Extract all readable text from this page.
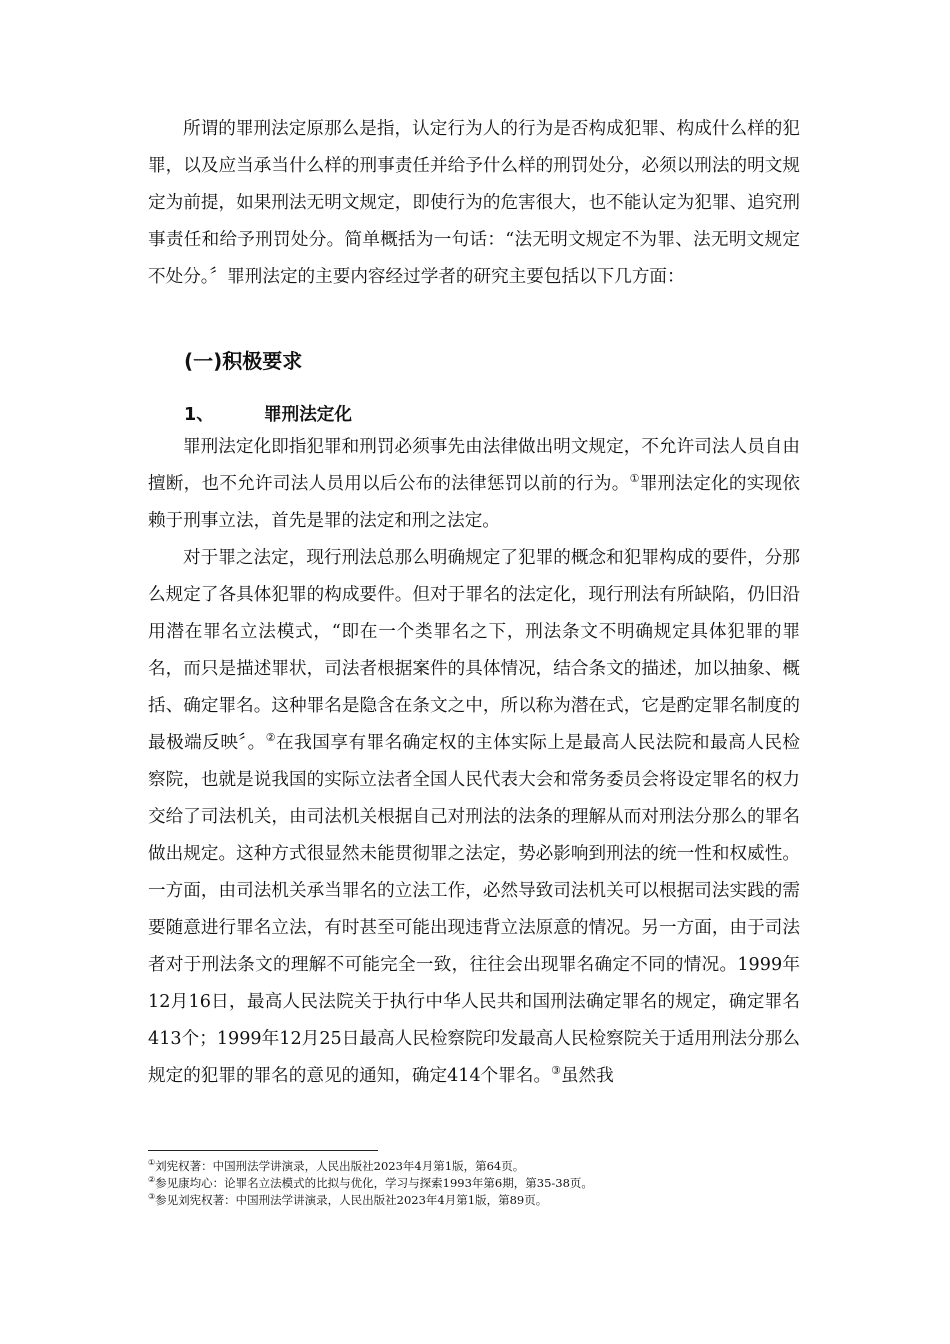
所谓的罪刑法定原那么是指，认定行为人的行为是否构成犯罪、构成什么样的犯罪，以及应当承当什么样的刑事责任并给予什么样的刑罚处分，必须以刑法的明文规定为前提，如果刑法无明文规定，即使行为的危害很大，也不能认定为犯罪、追究刑事责任和给予刑罚处分。简单概括为一句话：“法无明文规定不为罪、法无明文规定不处分。〞罪刑法定的主要内容经过学者的研究主要包括以下几方面：

(一)积极要求
1、	罪刑法定化

罪刑法定化即指犯罪和刑罚必须事先由法律做出明文规定，不允许司法人员自由擅断，也不允许司法人员用以后公布的法律惩罚以前的行为。①罪刑法定化的实现依赖于刑事立法，首先是罪的法定和刑之法定。

对于罪之法定，现行刑法总那么明确规定了犯罪的概念和犯罪构成的要件，分那么规定了各具体犯罪的构成要件。但对于罪名的法定化，现行刑法有所缺陷，仍旧沿用潜在罪名立法模式，“即在一个类罪名之下，刑法条文不明确规定具体犯罪的罪名，而只是描述罪状，司法者根据案件的具体情况，结合条文的描述，加以抽象、概括、确定罪名。这种罪名是隐含在条文之中，所以称为潜在式，它是酌定罪名制度的最极端反映〞。②在我国享有罪名确定权的主体实际上是最高人民法院和最高人民检察院，也就是说我国的实际立法者全国人民代表大会和常务委员会将设定罪名的权力交给了司法机关，由司法机关根据自己对刑法的法条的理解从而对刑法分那么的罪名做出规定。这种方式很显然未能贯彻罪之法定，势必影响到刑法的统一性和权威性。一方面，由司法机关承当罪名的立法工作，必然导致司法机关可以根据司法实践的需要随意进行罪名立法，有时甚至可能出现违背立法原意的情况。另一方面，由于司法者对于刑法条文的理解不可能完全一致，往往会出现罪名确定不同的情况。1999年12月16日，最高人民法院关于执行中华人民共和国刑法确定罪名的规定，确定罪名413个；1999年12月25日最高人民检察院印发最高人民检察院关于适用刑法分那么规定的犯罪的罪名的意见的通知，确定414个罪名。③虽然我

①刘宪权著：中国刑法学讲演录，人民出版社2023年4月第1版，第64页。
②参见康均心：论罪名立法模式的比拟与优化，学习与探索1993年第6期，第35-38页。
③参见刘宪权著：中国刑法学讲演录，人民出版社2023年4月第1版，第89页。
